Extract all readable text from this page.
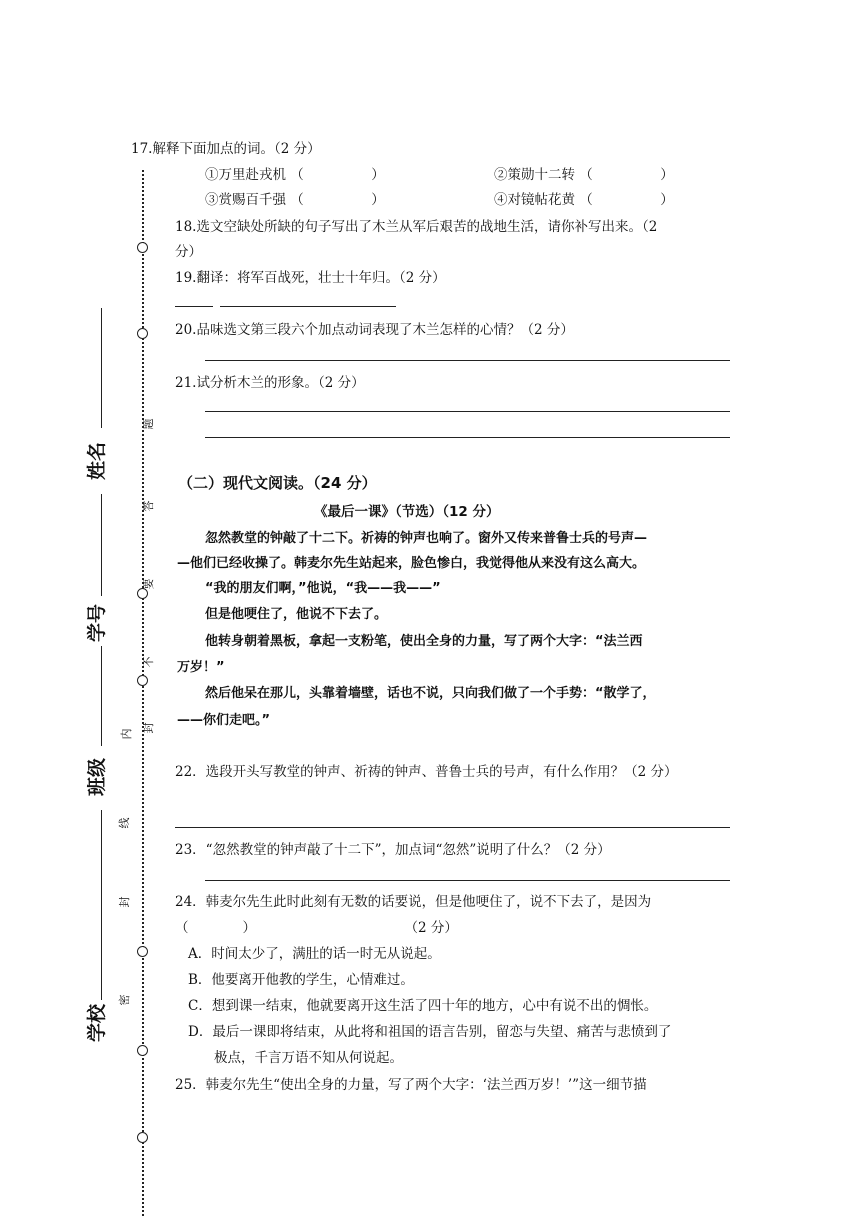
题
答
要
不
内
封
线
封
密
姓名
学号
班级
学校
17.解释下面加点的词。（2 分）
①万里赴戎机 （　　　　　）	②策勋十二转 （　　　　　）
③赏赐百千强 （　　　　　）	④对镜帖花黄 （　　　　　）
18.选文空缺处所缺的句子写出了木兰从军后艰苦的战地生活，请你补写出来。（2
分）
19.翻译：将军百战死，壮士十年归。（2 分）
20.品味选文第三段六个加点动词表现了木兰怎样的心情？（2 分）
21.试分析木兰的形象。（2 分）
（二）现代文阅读。（24 分）
《最后一课》（节选）（12 分）
忽然教堂的钟敲了十二下。祈祷的钟声也响了。窗外又传来普鲁士兵的号声—
—他们已经收操了。韩麦尔先生站起来，脸色惨白，我觉得他从来没有这么高大。
“我的朋友们啊，”他说，“我——我——”
但是他哽住了，他说不下去了。
他转身朝着黑板，拿起一支粉笔，使出全身的力量，写了两个大字：“法兰西
万岁！”
然后他呆在那儿，头靠着墙壁，话也不说，只向我们做了一个手势：“散学了，
——你们走吧。”
22．选段开头写教堂的钟声、祈祷的钟声、普鲁士兵的号声，有什么作用？（2 分）
23．“忽然教堂的钟声敲了十二下”，加点词“忽然”说明了什么？（2 分）
24．韩麦尔先生此时此刻有无数的话要说，但是他哽住了，说不下去了，是因为
（　　　　）　　　　　　　　　　　　（2 分）
A．时间太少了，满肚的话一时无从说起。
B．他要离开他教的学生，心情难过。
C．想到课一结束，他就要离开这生活了四十年的地方，心中有说不出的惆怅。
D．最后一课即将结束，从此将和祖国的语言告别，留恋与失望、痛苦与悲愤到了
极点，千言万语不知从何说起。
25．韩麦尔先生“使出全身的力量，写了两个大字：‘法兰西万岁！’”这一细节描
